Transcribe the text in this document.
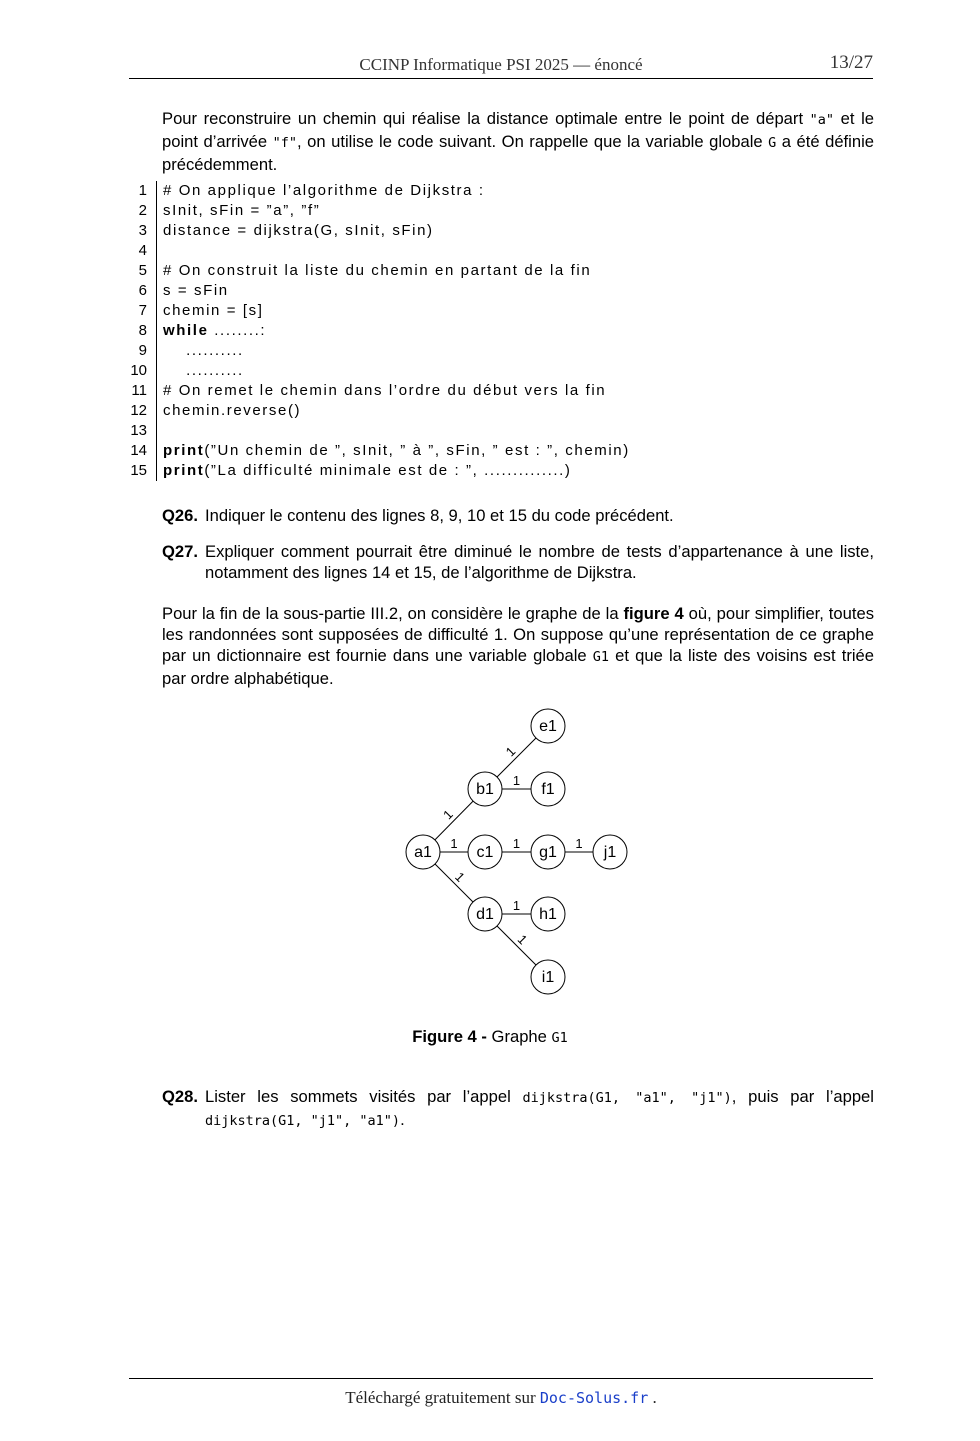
CCINP Informatique PSI 2025 — énoncé	13/27

Pour reconstruire un chemin qui réalise la distance optimale entre le point de départ "a" et le point d’arrivée "f", on utilise le code suivant. On rappelle que la variable globale G a été définie précédemment.

1 # On applique l’algorithme de Dijkstra :
2 sInit, sFin = ”a”, ”f”
3 distance = dijkstra(G, sInit, sFin)
4
5 # On construit la liste du chemin en partant de la fin
6 s = sFin
7 chemin = [s]
8 while ........:
9 ..........
10 ..........
11 # On remet le chemin dans l’ordre du début vers la fin
12 chemin.reverse()
13
14 print(”Un chemin de ”, sInit, ” à ”, sFin, ” est : ”, chemin)
15 print(”La difficulté minimale est de : ”, ..............)
Q26. Indiquer le contenu des lignes 8, 9, 10 et 15 du code précédent.
Q27. Expliquer comment pourrait être diminué le nombre de tests d’appartenance à une liste, notamment des lignes 14 et 15, de l’algorithme de Dijkstra.

Pour la fin de la sous-partie III.2, on considère le graphe de la figure 4 où, pour simplifier, toutes les randonnées sont supposées de difficulté 1. On suppose qu’une représentation de ce graphe par un dictionnaire est fournie dans une variable globale G1 et que la liste des voisins est triée par ordre alphabétique.

1
1
1
1
1
1	1
1
1
a1
b1
c1
d1
e1
f1
g1
h1
i1
j1
Figure 4 - Graphe G1
Q28. Lister les sommets visités par l’appel dijkstra(G1, "a1", "j1"), puis par l’appel dijkstra(G1, "j1", "a1").
Téléchargé gratuitement sur Doc-Solus.fr .
